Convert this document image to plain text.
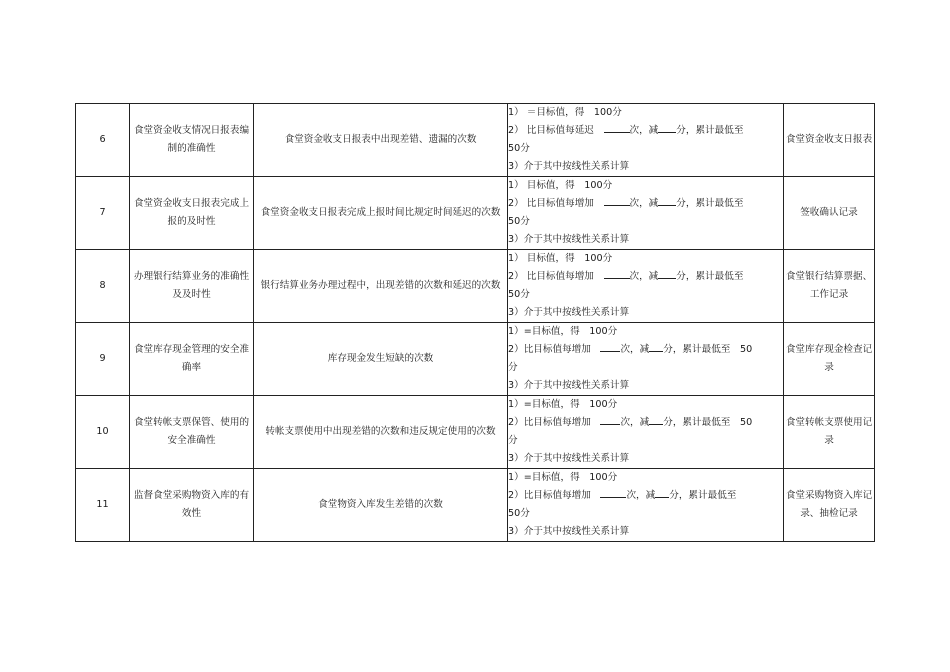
6	食堂资金收支情况日报表编制的准确性	食堂资金收支日报表中出现差错、遗漏的次数	1） ＝目标值，得　100分
2） 比目标值每延迟　 次，减 分，累计最低至
50分
3）介于其中按线性关系计算	食堂资金收支日报表
7	食堂资金收支日报表完成上报的及时性	食堂资金收支日报表完成上报时间比规定时间延迟的次数	1） 目标值，得　100分
2） 比目标值每增加　 次，减 分，累计最低至
50分
3）介于其中按线性关系计算	签收确认记录
8	办理银行结算业务的准确性及及时性	银行结算业务办理过程中，出现差错的次数和延迟的次数	1） 目标值，得　100分
2） 比目标值每增加　 次，减 分，累计最低至
50分
3）介于其中按线性关系计算	食堂银行结算票据、工作记录
9	食堂库存现金管理的安全准确率	库存现金发生短缺的次数	1）=目标值，得　100分
2）比目标值每增加　次，减 分，累计最低至　50
分
3）介于其中按线性关系计算	食堂库存现金检查记录
10	食堂转帐支票保管、使用的安全准确性	转帐支票使用中出现差错的次数和违反规定使用的次数	1）=目标值，得　100分
2）比目标值每增加　次，减 分，累计最低至　50
分
3）介于其中按线性关系计算	食堂转帐支票使用记录
11	监督食堂采购物资入库的有效性	食堂物资入库发生差错的次数	1）=目标值，得　100分
2）比目标值每增加　 次，减 分，累计最低至
50分
3）介于其中按线性关系计算	食堂采购物资入库记录、抽检记录
